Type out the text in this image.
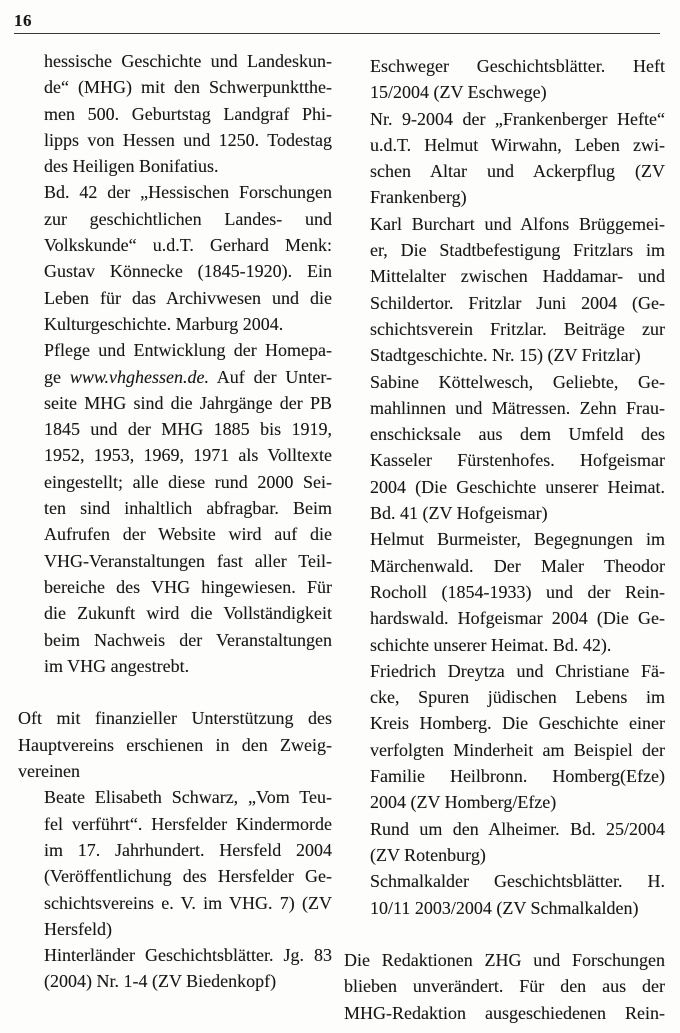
16
hessische Geschichte und Landeskun-
de“ (MHG) mit den Schwerpunktthe-
men 500. Geburtstag Landgraf Phi-
lipps von Hessen und 1250. Todestag
des Heiligen Bonifatius.
Bd. 42 der „Hessischen Forschungen
zur geschichtlichen Landes- und
Volkskunde“ u.d.T. Gerhard Menk:
Gustav Könnecke (1845-1920). Ein
Leben für das Archivwesen und die
Kulturgeschichte. Marburg 2004.
Pflege und Entwicklung der Homepa-
ge www.vhghessen.de. Auf der Unter-
seite MHG sind die Jahrgänge der PB
1845 und der MHG 1885 bis 1919,
1952, 1953, 1969, 1971 als Volltexte
eingestellt; alle diese rund 2000 Sei-
ten sind inhaltlich abfragbar. Beim
Aufrufen der Website wird auf die
VHG-Veranstaltungen fast aller Teil-
bereiche des VHG hingewiesen. Für
die Zukunft wird die Vollständigkeit
beim Nachweis der Veranstaltungen
im VHG angestrebt.
Oft mit finanzieller Unterstützung des
Hauptvereins erschienen in den Zweig-
vereinen
Beate Elisabeth Schwarz, „Vom Teu-
fel verführt“. Hersfelder Kindermorde
im 17. Jahrhundert. Hersfeld 2004
(Veröffentlichung des Hersfelder Ge-
schichtsvereins e. V. im VHG. 7) (ZV
Hersfeld)
Hinterländer Geschichtsblätter. Jg. 83
(2004) Nr. 1-4 (ZV Biedenkopf)
Eschweger Geschichtsblätter. Heft
15/2004 (ZV Eschwege)
Nr. 9-2004 der „Frankenberger Hefte“
u.d.T. Helmut Wirwahn, Leben zwi-
schen Altar und Ackerpflug (ZV
Frankenberg)
Karl Burchart und Alfons Brüggemei-
er, Die Stadtbefestigung Fritzlars im
Mittelalter zwischen Haddamar- und
Schildertor. Fritzlar Juni 2004 (Ge-
schichtsverein Fritzlar. Beiträge zur
Stadtgeschichte. Nr. 15) (ZV Fritzlar)
Sabine Köttelwesch, Geliebte, Ge-
mahlinnen und Mätressen. Zehn Frau-
enschicksale aus dem Umfeld des
Kasseler Fürstenhofes. Hofgeismar
2004 (Die Geschichte unserer Heimat.
Bd. 41 (ZV Hofgeismar)
Helmut Burmeister, Begegnungen im
Märchenwald. Der Maler Theodor
Rocholl (1854-1933) und der Rein-
hardswald. Hofgeismar 2004 (Die Ge-
schichte unserer Heimat. Bd. 42).
Friedrich Dreytza und Christiane Fä-
cke, Spuren jüdischen Lebens im
Kreis Homberg. Die Geschichte einer
verfolgten Minderheit am Beispiel der
Familie Heilbronn. Homberg(Efze)
2004 (ZV Homberg/Efze)
Rund um den Alheimer. Bd. 25/2004
(ZV Rotenburg)
Schmalkalder Geschichtsblätter. H.
10/11 2003/2004 (ZV Schmalkalden)
Die Redaktionen ZHG und Forschungen
blieben unverändert. Für den aus der
MHG-Redaktion ausgeschiedenen Rein-
